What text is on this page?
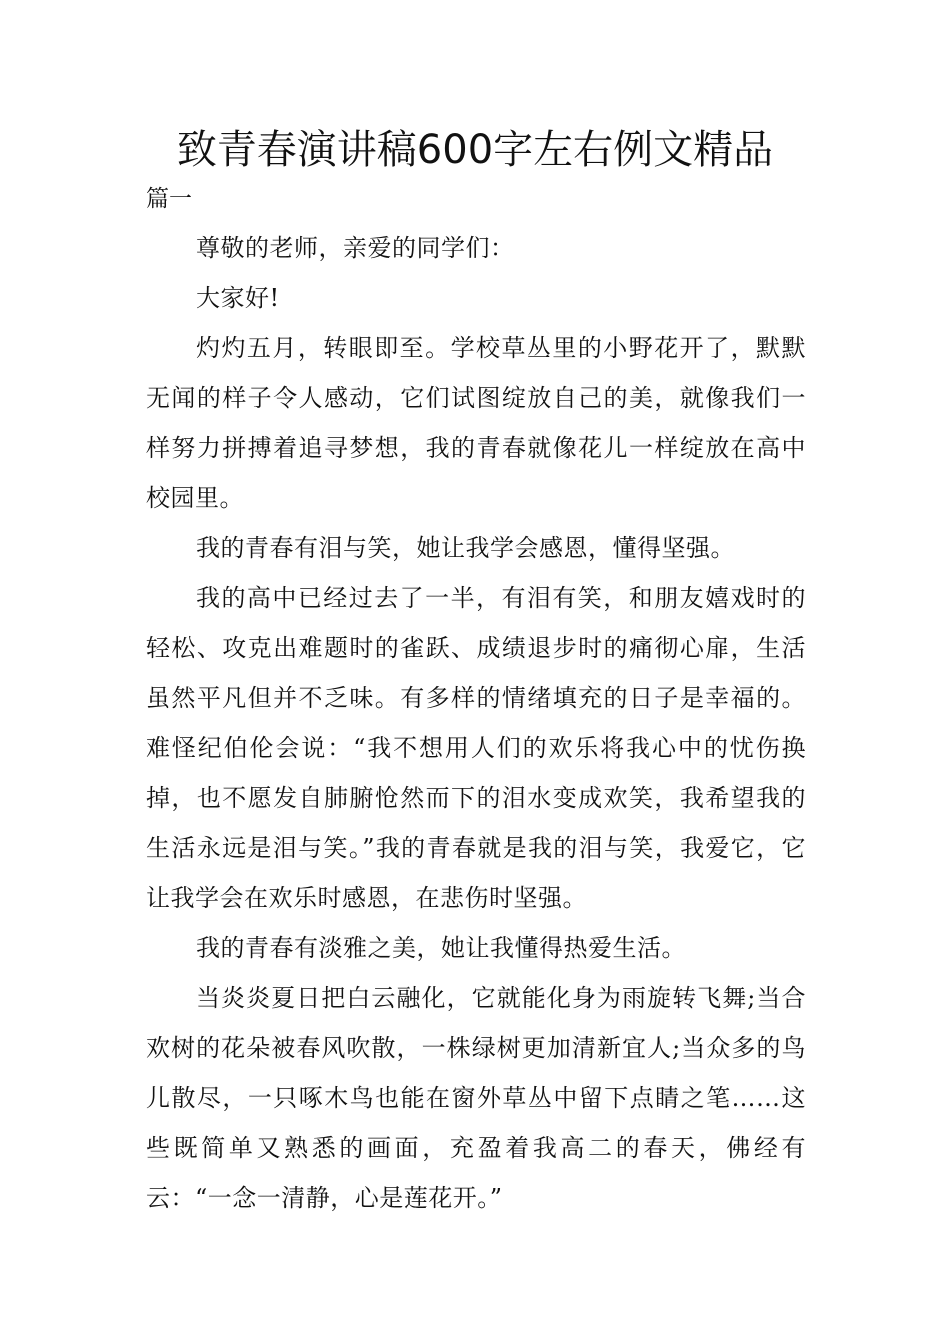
致青春演讲稿600字左右例文精品

篇一

尊敬的老师，亲爱的同学们：

大家好!

灼灼五月，转眼即至。学校草丛里的小野花开了，默默无闻的样子令人感动，它们试图绽放自己的美，就像我们一样努力拼搏着追寻梦想，我的青春就像花儿一样绽放在高中校园里。

我的青春有泪与笑，她让我学会感恩，懂得坚强。

我的高中已经过去了一半，有泪有笑，和朋友嬉戏时的轻松、攻克出难题时的雀跃、成绩退步时的痛彻心扉，生活虽然平凡但并不乏味。有多样的情绪填充的日子是幸福的。难怪纪伯伦会说：“我不想用人们的欢乐将我心中的忧伤换掉，也不愿发自肺腑怆然而下的泪水变成欢笑，我希望我的生活永远是泪与笑。”我的青春就是我的泪与笑，我爱它，它让我学会在欢乐时感恩，在悲伤时坚强。

我的青春有淡雅之美，她让我懂得热爱生活。

当炎炎夏日把白云融化，它就能化身为雨旋转飞舞;当合欢树的花朵被春风吹散，一株绿树更加清新宜人;当众多的鸟儿散尽，一只啄木鸟也能在窗外草丛中留下点睛之笔……这些既简单又熟悉的画面，充盈着我高二的春天，佛经有云：“一念一清静，心是莲花开。”
